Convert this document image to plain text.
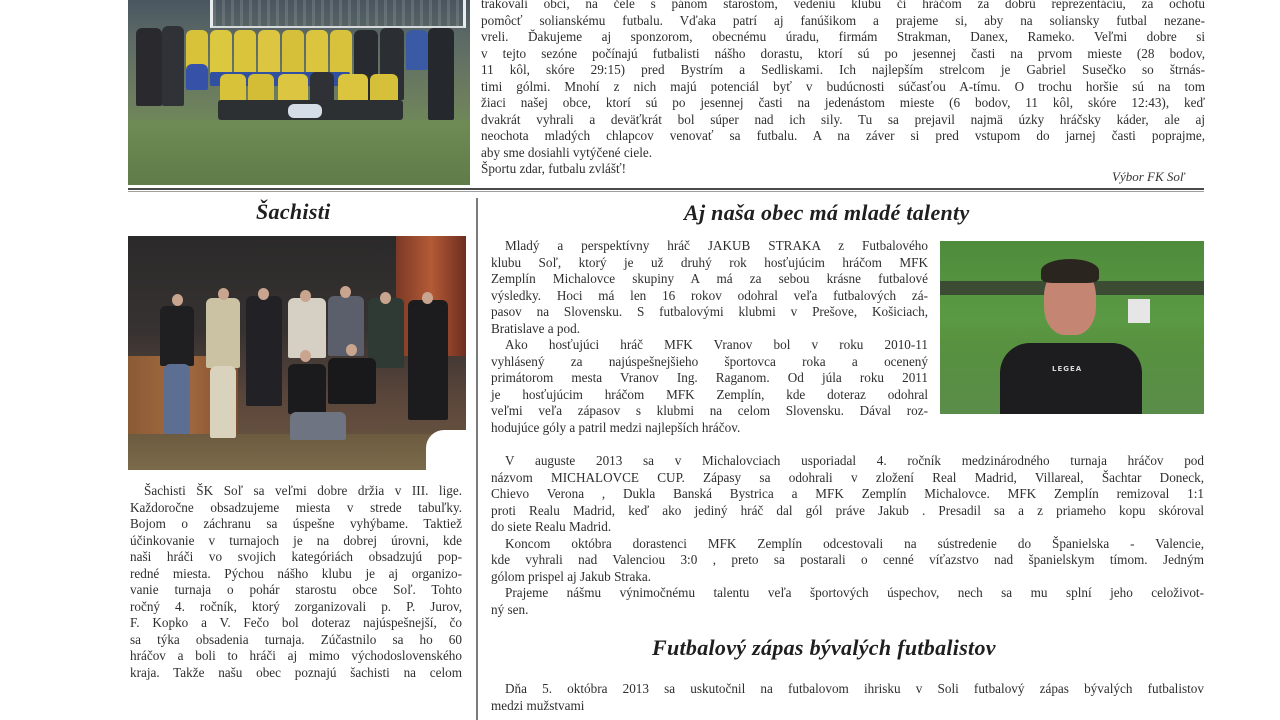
trakovali obci, na čele s pánom starostom, vedeniu klubu či hráčom za dobrú reprezentáciu, za ochotu

pomôcť solianskému futbalu. Vďaka patrí aj fanúšikom a prajeme si, aby na soliansky futbal nezane-

vreli. Ďakujeme aj sponzorom, obecnému úradu, firmám Strakman, Danex, Rameko. Veľmi dobre si

v tejto sezóne počínajú futbalisti nášho dorastu, ktorí sú po jesennej časti na prvom mieste (28 bodov,

11 kôl, skóre 29:15) pred Bystrím a Sedliskami. Ich najlepším strelcom je Gabriel Susečko so štrnás-

timi gólmi. Mnohí z nich majú potenciál byť v budúcnosti súčasťou A-tímu. O trochu horšie sú na tom

žiaci našej obce, ktorí sú po jesennej časti na jedenástom mieste (6 bodov, 11 kôl, skóre 12:43), keď

dvakrát vyhrali a deväťkrát bol súper nad ich sily. Tu sa prejavil najmä úzky hráčsky káder, ale aj

neochota mladých chlapcov venovať sa futbalu. A na záver si pred vstupom do jarnej časti poprajme,

aby sme dosiahli vytýčené ciele.

Športu zdar, futbalu zvlášť!

Výbor FK Soľ
Šachisti

Šachisti ŠK Soľ sa veľmi dobre držia v III. lige.

Každoročne obsadzujeme miesta v strede tabuľky.

Bojom o záchranu sa úspešne vyhýbame. Taktiež

účinkovanie v turnajoch je na dobrej úrovni, kde

naši hráči vo svojich kategóriách obsadzujú pop-

redné miesta. Pýchou nášho klubu je aj organizo-

vanie turnaja o pohár starostu obce Soľ. Tohto

ročný 4. ročník, ktorý zorganizovali p. P. Jurov,

F. Kopko a V. Fečo bol doteraz najúspešnejší, čo

sa týka obsadenia turnaja. Zúčastnilo sa ho 60

hráčov a boli to hráči aj mimo východoslovenského

kraja. Takže našu obec poznajú šachisti na celom

Aj naša obec má mladé talenty

Mladý a perspektívny hráč JAKUB STRAKA z Futbalového

klubu Soľ, ktorý je už druhý rok hosťujúcim hráčom MFK

Zemplín Michalovce skupiny A má za sebou krásne futbalové

výsledky. Hoci má len 16 rokov odohral veľa futbalových zá-

pasov na Slovensku. S futbalovými klubmi v Prešove, Košiciach,

Bratislave a pod.

Ako hosťujúci hráč MFK Vranov bol v roku 2010-11

vyhlásený za najúspešnejšieho športovca roka a ocenený

primátorom mesta Vranov Ing. Raganom. Od júla roku 2011

je hosťujúcim hráčom MFK Zemplín, kde doteraz odohral

veľmi veľa zápasov s klubmi na celom Slovensku. Dával roz-

hodujúce góly a patril medzi najlepších hráčov.

LEGEA

V auguste 2013 sa v Michalovciach usporiadal 4. ročník medzinárodného turnaja hráčov pod

názvom MICHALOVCE CUP. Zápasy sa odohrali v zložení Real Madrid, Villareal, Šachtar Doneck,

Chievo Verona , Dukla Banská Bystrica a MFK Zemplín Michalovce. MFK Zemplín remizoval 1:1

proti Realu Madrid, keď ako jediný hráč dal gól práve Jakub . Presadil sa a z priameho kopu skóroval

do siete Realu Madrid.

Koncom októbra dorastenci MFK Zemplín odcestovali na sústredenie do Španielska - Valencie,

kde vyhrali nad Valenciou 3:0 , preto sa postarali o cenné víťazstvo nad španielskym tímom. Jedným

gólom prispel aj Jakub Straka.

Prajeme nášmu výnimočnému talentu veľa športových úspechov, nech sa mu splní jeho celoživot-

ný sen.

Futbalový zápas bývalých futbalistov

Dňa 5. októbra 2013 sa uskutočnil na futbalovom ihrisku v Soli futbalový zápas bývalých futbalistov

medzi mužstvami
